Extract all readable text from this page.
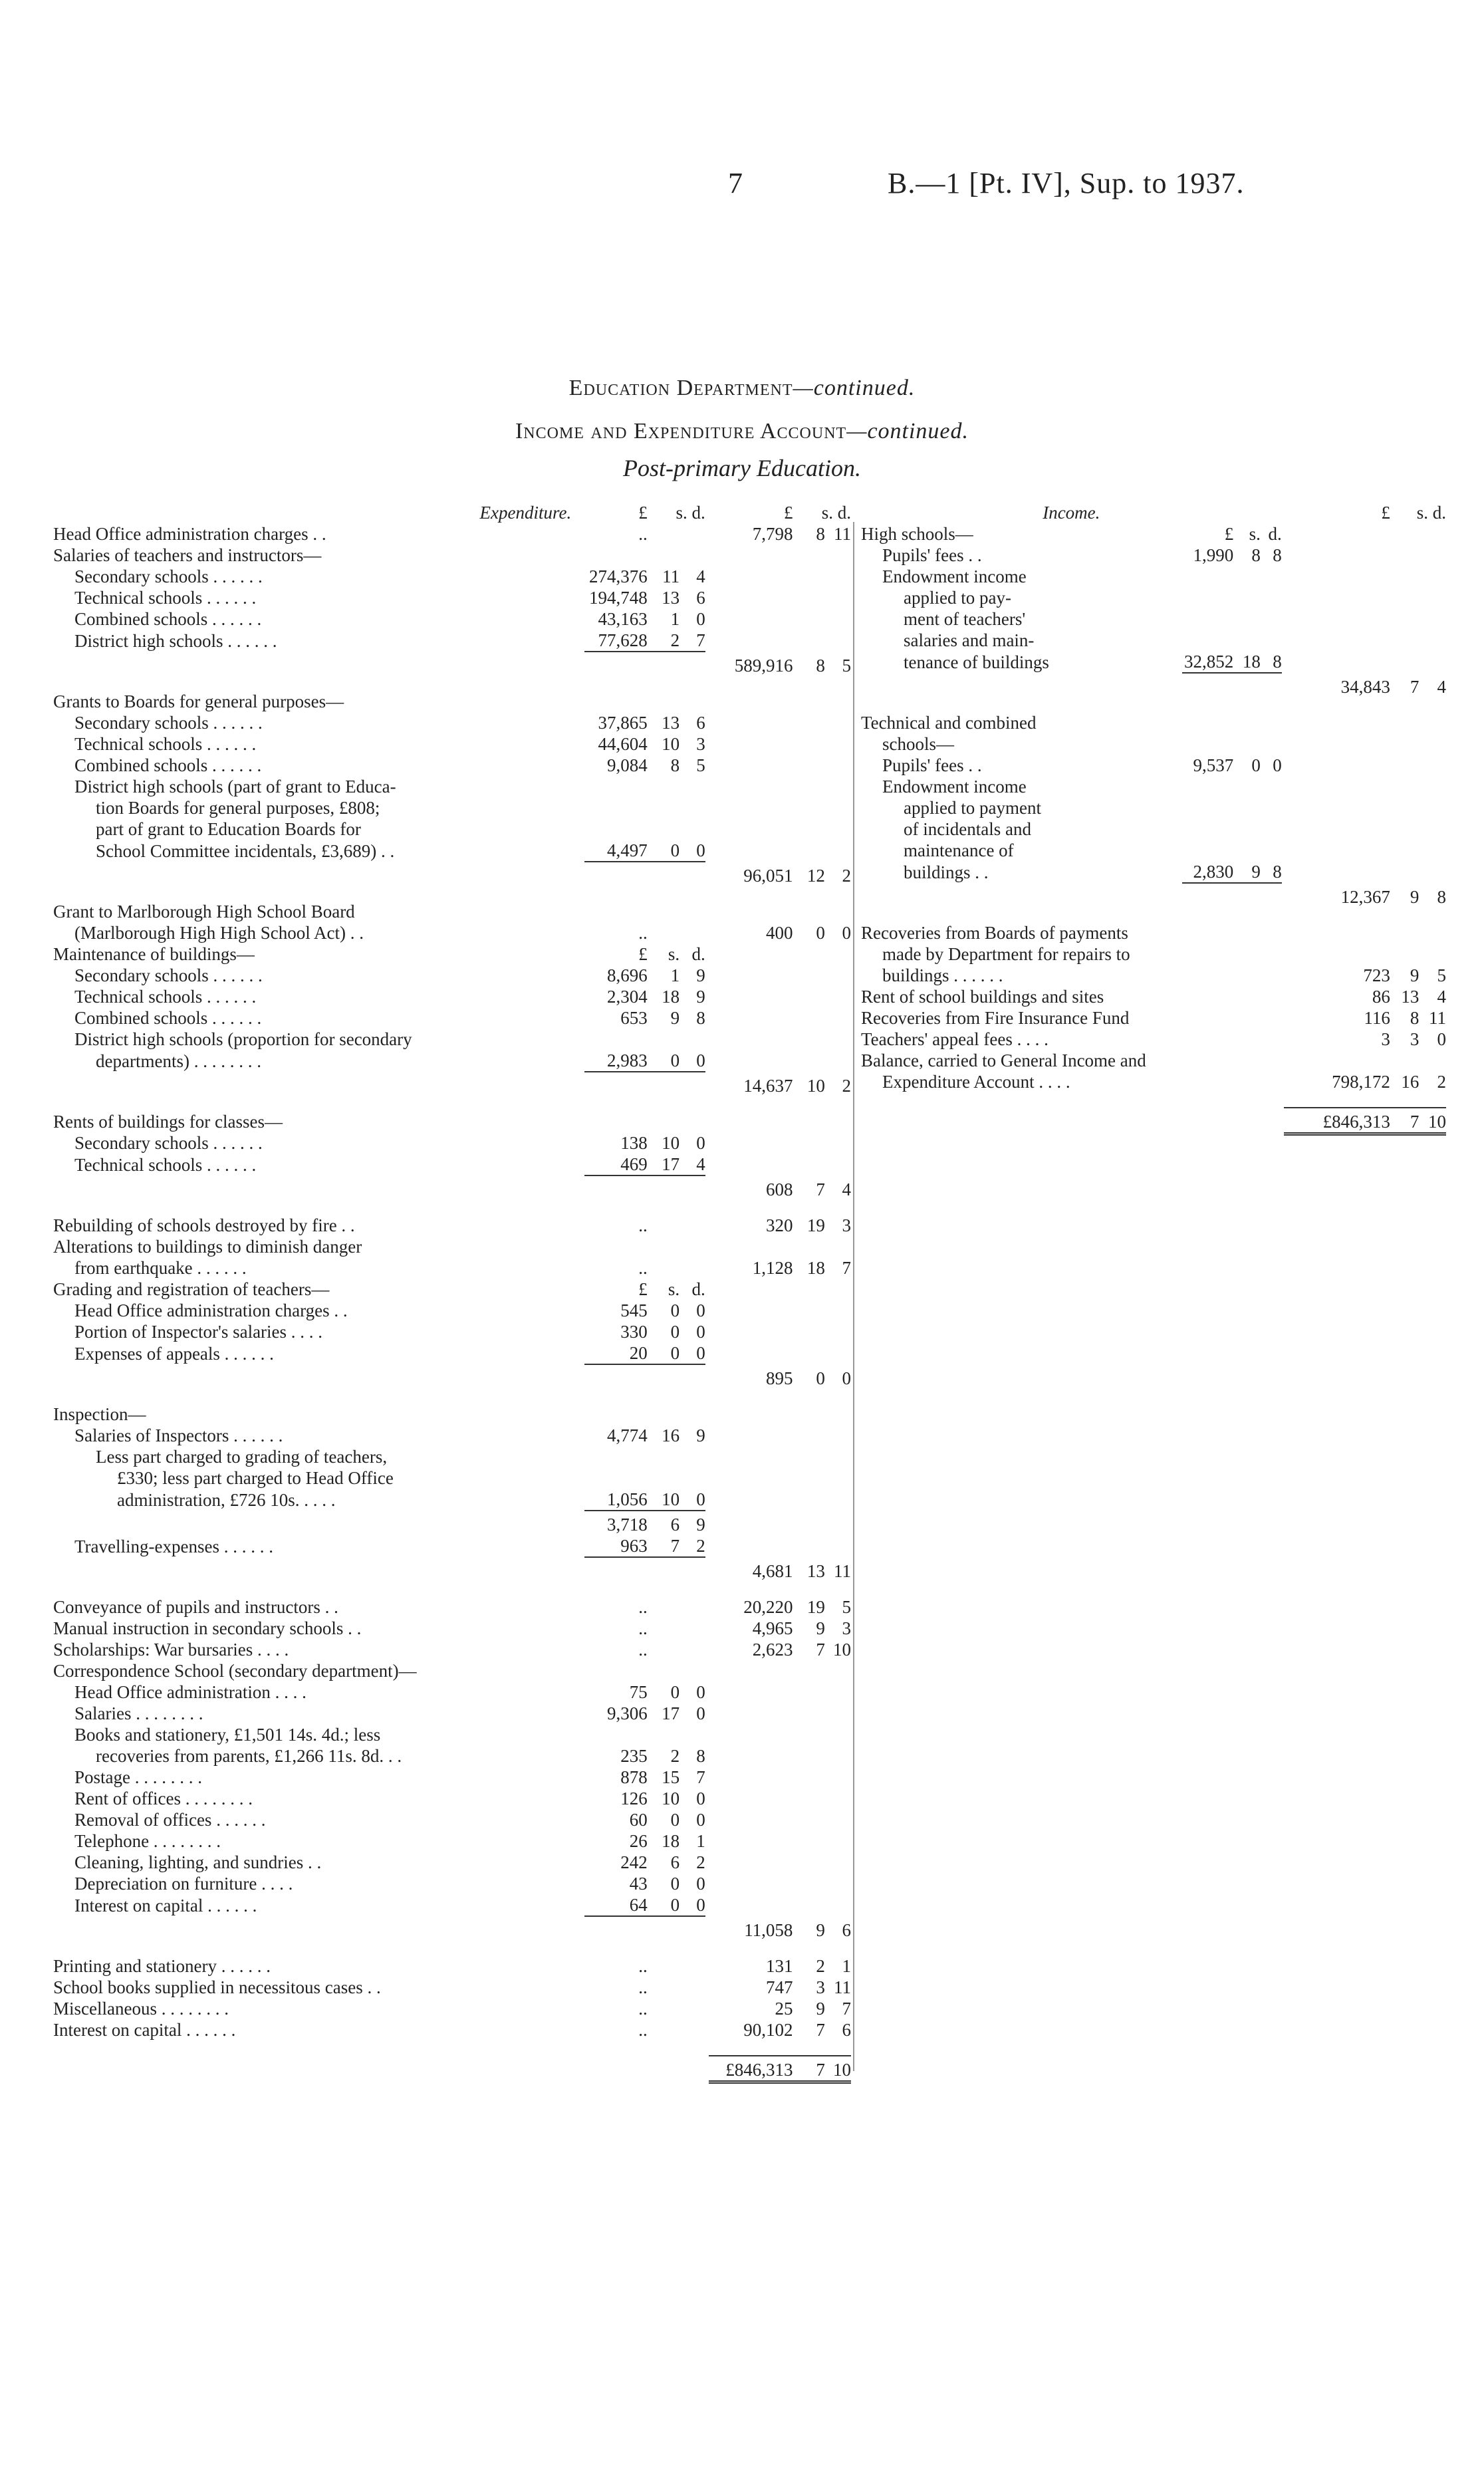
7	B.—1 [Pt. IV], Sup. to 1937.
Education Department—continued.
Income and Expenditure Account—continued.
Post-primary Education.
Expenditure.	£	s. d.			£	s. d.	
Head Office administration charges . .	..				7,798	8	11
Salaries of teachers and instructors—							
Secondary schools . . . . . .	274,376	11	4				
Technical schools . . . . . .	194,748	13	6				
Combined schools . . . . . .	43,163	1	0				
District high schools . . . . . .	77,628	2	7				

					589,916	8	5

Grants to Boards for general purposes—							
Secondary schools . . . . . .	37,865	13	6				
Technical schools . . . . . .	44,604	10	3				
Combined schools . . . . . .	9,084	8	5				
District high schools (part of grant to Educa-							
tion Boards for general purposes, £808;							
part of grant to Education Boards for							
School Committee incidentals, £3,689) . .	4,497	0	0				

					96,051	12	2

Grant to Marlborough High School Board							
(Marlborough High High School Act) . .	..				400	0	0
Maintenance of buildings—	£	s.	d.				
Secondary schools . . . . . .	8,696	1	9				
Technical schools . . . . . .	2,304	18	9				
Combined schools . . . . . .	653	9	8				
District high schools (proportion for secondary							
departments) . . . . . . . .	2,983	0	0				

					14,637	10	2

Rents of buildings for classes—							
Secondary schools . . . . . .	138	10	0				
Technical schools . . . . . .	469	17	4				

					608	7	4

Rebuilding of schools destroyed by fire . .	..				320	19	3
Alterations to buildings to diminish danger							
from earthquake . . . . . .	..				1,128	18	7
Grading and registration of teachers—	£	s.	d.				
Head Office administration charges . .	545	0	0				
Portion of Inspector's salaries . . . .	330	0	0				
Expenses of appeals . . . . . .	20	0	0				

					895	0	0

Inspection—							
Salaries of Inspectors . . . . . .	4,774	16	9				
Less part charged to grading of teachers,							
£330; less part charged to Head Office							
administration, £726 10s. . . . .	1,056	10	0				

	3,718	6	9				
Travelling-expenses . . . . . .	963	7	2				

					4,681	13	11

Conveyance of pupils and instructors . .	..				20,220	19	5
Manual instruction in secondary schools . .	..				4,965	9	3
Scholarships: War bursaries . . . .	..				2,623	7	10
Correspondence School (secondary department)—							
Head Office administration . . . .	75	0	0				
Salaries . . . . . . . .	9,306	17	0				
Books and stationery, £1,501 14s. 4d.; less							
recoveries from parents, £1,266 11s. 8d. . .	235	2	8				
Postage . . . . . . . .	878	15	7				
Rent of offices . . . . . . . .	126	10	0				
Removal of offices . . . . . .	60	0	0				
Telephone . . . . . . . .	26	18	1				
Cleaning, lighting, and sundries . .	242	6	2				
Depreciation on furniture . . . .	43	0	0				
Interest on capital . . . . . .	64	0	0				

					11,058	9	6

Printing and stationery . . . . . .	..				131	2	1
School books supplied in necessitous cases . .	..				747	3	11
Miscellaneous . . . . . . . .	..				25	9	7
Interest on capital . . . . . .	..				90,102	7	6

					£846,313	7	10
Income.					£	s. d.	
High schools—	£	s.	d.				
Pupils' fees . .	1,990	8	8				
Endowment income							
applied to pay-							
ment of teachers'							
salaries and main-							
tenance of buildings	32,852	18	8				

					34,843	7	4

Technical and combined							
schools—							
Pupils' fees . .	9,537	0	0				
Endowment income							
applied to payment							
of incidentals and							
maintenance of							
buildings . .	2,830	9	8				

					12,367	9	8

Recoveries from Boards of payments							
made by Department for repairs to							
buildings . . . . . .					723	9	5
Rent of school buildings and sites					86	13	4
Recoveries from Fire Insurance Fund					116	8	11
Teachers' appeal fees . . . .					3	3	0
Balance, carried to General Income and							
Expenditure Account . . . .					798,172	16	2

					£846,313	7	10
